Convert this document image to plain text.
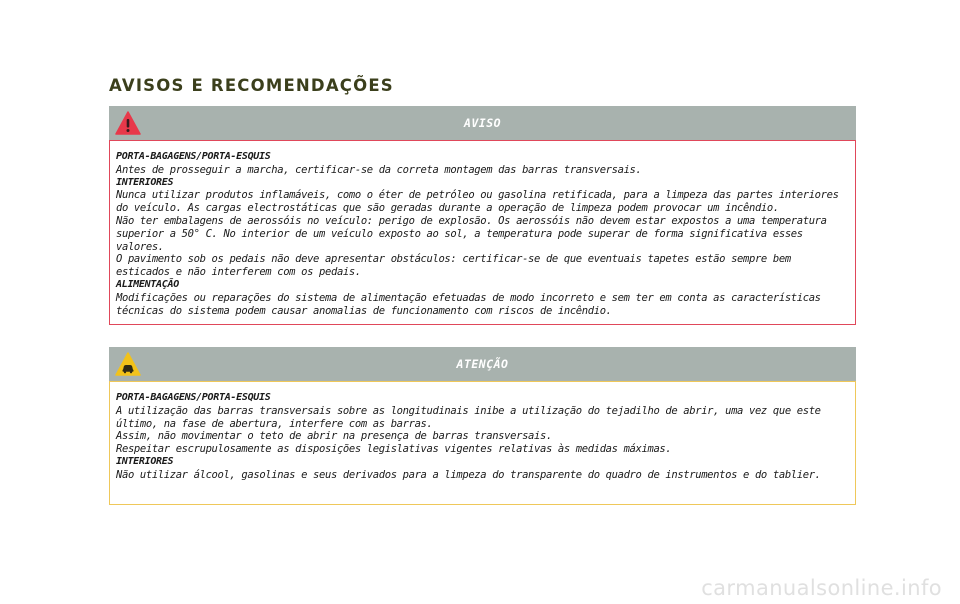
AVISOS E RECOMENDAÇÕES
AVISO

PORTA-BAGAGENS/PORTA-ESQUIS

Antes de prosseguir a marcha, certificar-se da correta montagem das barras transversais.

INTERIORES

Nunca utilizar produtos inflamáveis, como o éter de petróleo ou gasolina retificada, para a limpeza das partes interiores do veículo. As cargas electrostáticas que são geradas durante a operação de limpeza podem provocar um incêndio.

Não ter embalagens de aerossóis no veículo: perigo de explosão. Os aerossóis não devem estar expostos a uma temperatura superior a 50° C. No interior de um veículo exposto ao sol, a temperatura pode superar de forma significativa esses valores.

O pavimento sob os pedais não deve apresentar obstáculos: certificar-se de que eventuais tapetes estão sempre bem esticados e não interferem com os pedais.

ALIMENTAÇÃO

Modificações ou reparações do sistema de alimentação efetuadas de modo incorreto e sem ter em conta as características técnicas do sistema podem causar anomalias de funcionamento com riscos de incêndio.

ATENÇÃO

PORTA-BAGAGENS/PORTA-ESQUIS

A utilização das barras transversais sobre as longitudinais inibe a utilização do tejadilho de abrir, uma vez que este último, na fase de abertura, interfere com as barras.

Assim, não movimentar o teto de abrir na presença de barras transversais.

Respeitar escrupulosamente as disposições legislativas vigentes relativas às medidas máximas.

INTERIORES

Não utilizar álcool, gasolinas e seus derivados para a limpeza do transparente do quadro de instrumentos e do tablier.

carmanualsonline.info
